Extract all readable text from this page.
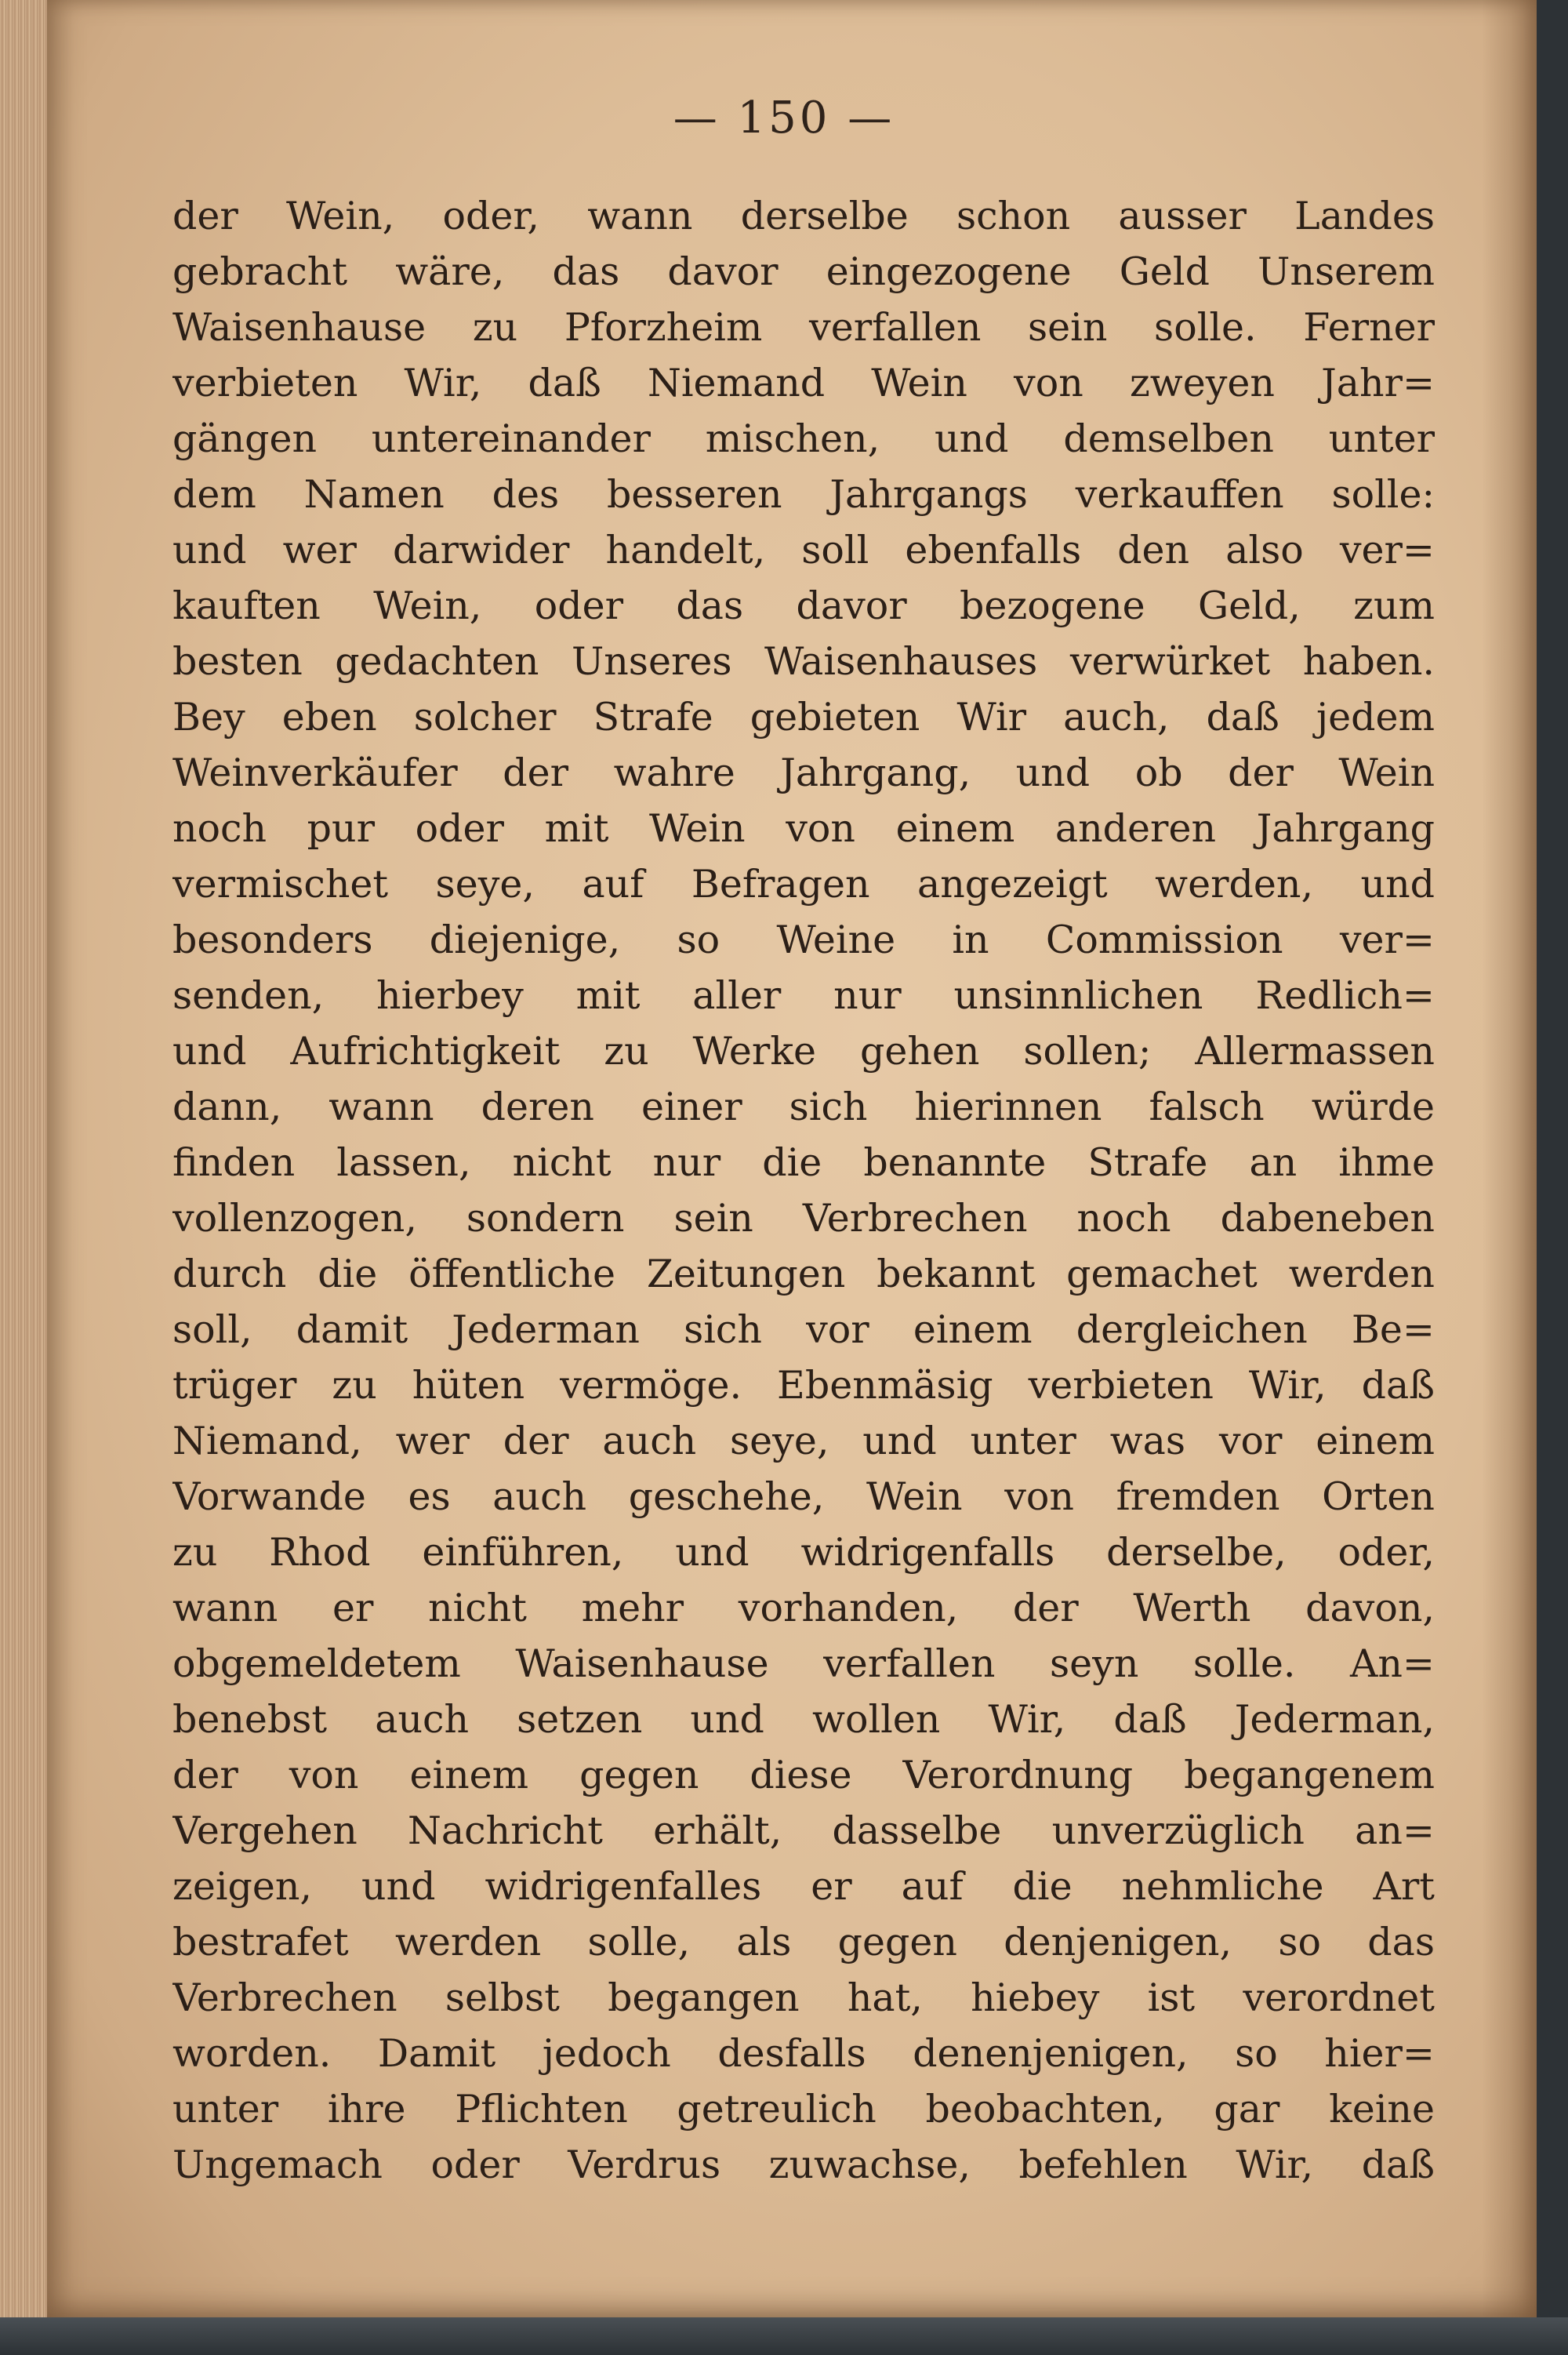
— 150 —
der Wein, oder, wann derselbe schon ausser Landes
gebracht wäre, das davor eingezogene Geld Unserem
Waisenhause zu Pforzheim verfallen sein solle. Ferner
verbieten Wir, daß Niemand Wein von zweyen Jahr=
gängen untereinander mischen, und demselben unter
dem Namen des besseren Jahrgangs verkauffen solle:
und wer darwider handelt, soll ebenfalls den also ver=
kauften Wein, oder das davor bezogene Geld, zum
besten gedachten Unseres Waisenhauses verwürket haben.
Bey eben solcher Strafe gebieten Wir auch, daß jedem
Weinverkäufer der wahre Jahrgang, und ob der Wein
noch pur oder mit Wein von einem anderen Jahrgang
vermischet seye, auf Befragen angezeigt werden, und
besonders diejenige, so Weine in Commission ver=
senden, hierbey mit aller nur unsinnlichen Redlich=
und Aufrichtigkeit zu Werke gehen sollen; Allermassen
dann, wann deren einer sich hierinnen falsch würde
finden lassen, nicht nur die benannte Strafe an ihme
vollenzogen, sondern sein Verbrechen noch dabeneben
durch die öffentliche Zeitungen bekannt gemachet werden
soll, damit Jederman sich vor einem dergleichen Be=
trüger zu hüten vermöge. Ebenmäsig verbieten Wir, daß
Niemand, wer der auch seye, und unter was vor einem
Vorwande es auch geschehe, Wein von fremden Orten
zu Rhod einführen, und widrigenfalls derselbe, oder,
wann er nicht mehr vorhanden, der Werth davon,
obgemeldetem Waisenhause verfallen seyn solle. An=
benebst auch setzen und wollen Wir, daß Jederman,
der von einem gegen diese Verordnung begangenem
Vergehen Nachricht erhält, dasselbe unverzüglich an=
zeigen, und widrigenfalles er auf die nehmliche Art
bestrafet werden solle, als gegen denjenigen, so das
Verbrechen selbst begangen hat, hiebey ist verordnet
worden. Damit jedoch desfalls denenjenigen, so hier=
unter ihre Pflichten getreulich beobachten, gar keine
Ungemach oder Verdrus zuwachse, befehlen Wir, daß
